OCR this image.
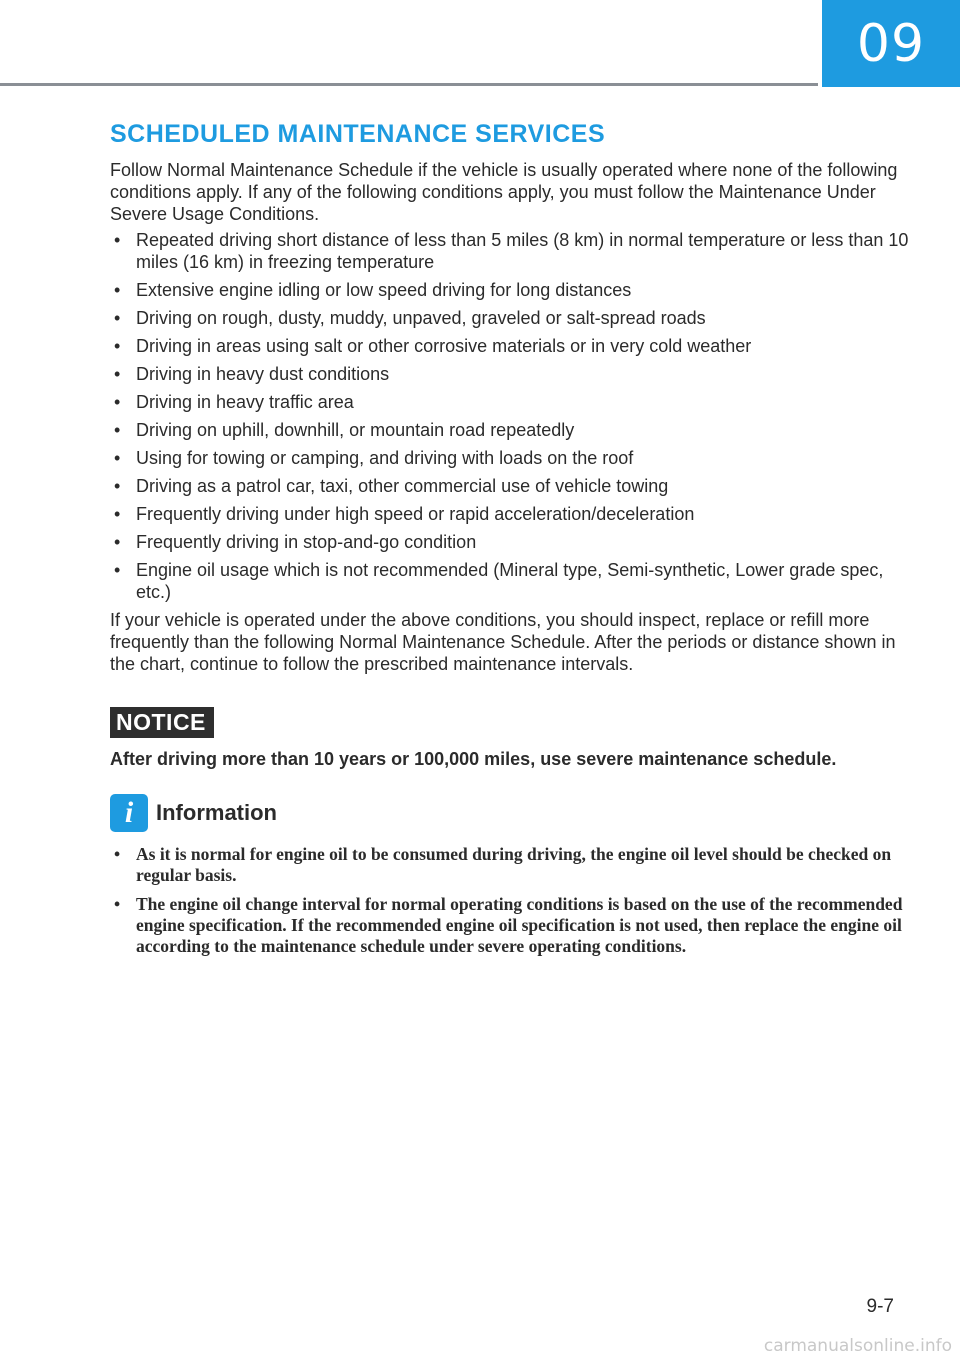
09
SCHEDULED MAINTENANCE SERVICES
Follow Normal Maintenance Schedule if the vehicle is usually operated where none of the following conditions apply. If any of the following conditions apply, you must follow the Maintenance Under Severe Usage Conditions.
• Repeated driving short distance of less than 5 miles (8 km) in normal temperature or less than 10 miles (16 km) in freezing temperature
• Extensive engine idling or low speed driving for long distances
• Driving on rough, dusty, muddy, unpaved, graveled or salt-spread roads
• Driving in areas using salt or other corrosive materials or in very cold weather
• Driving in heavy dust conditions
• Driving in heavy traffic area
• Driving on uphill, downhill, or mountain road repeatedly
• Using for towing or camping, and driving with loads on the roof
• Driving as a patrol car, taxi, other commercial use of vehicle towing
• Frequently driving under high speed or rapid acceleration/deceleration
• Frequently driving in stop-and-go condition
• Engine oil usage which is not recommended (Mineral type, Semi-synthetic, Lower grade spec, etc.)
If your vehicle is operated under the above conditions, you should inspect, replace or refill more frequently than the following Normal Maintenance Schedule. After the periods or distance shown in the chart, continue to follow the prescribed maintenance intervals.
NOTICE
After driving more than 10 years or 100,000 miles, use severe maintenance schedule.
i	Information
• As it is normal for engine oil to be consumed during driving, the engine oil level should be checked on regular basis.
• The engine oil change interval for normal operating conditions is based on the use of the recommended engine specification. If the recommended engine oil specification is not used, then replace the engine oil according to the maintenance schedule under severe operating conditions.
9-7
carmanualsonline.info
